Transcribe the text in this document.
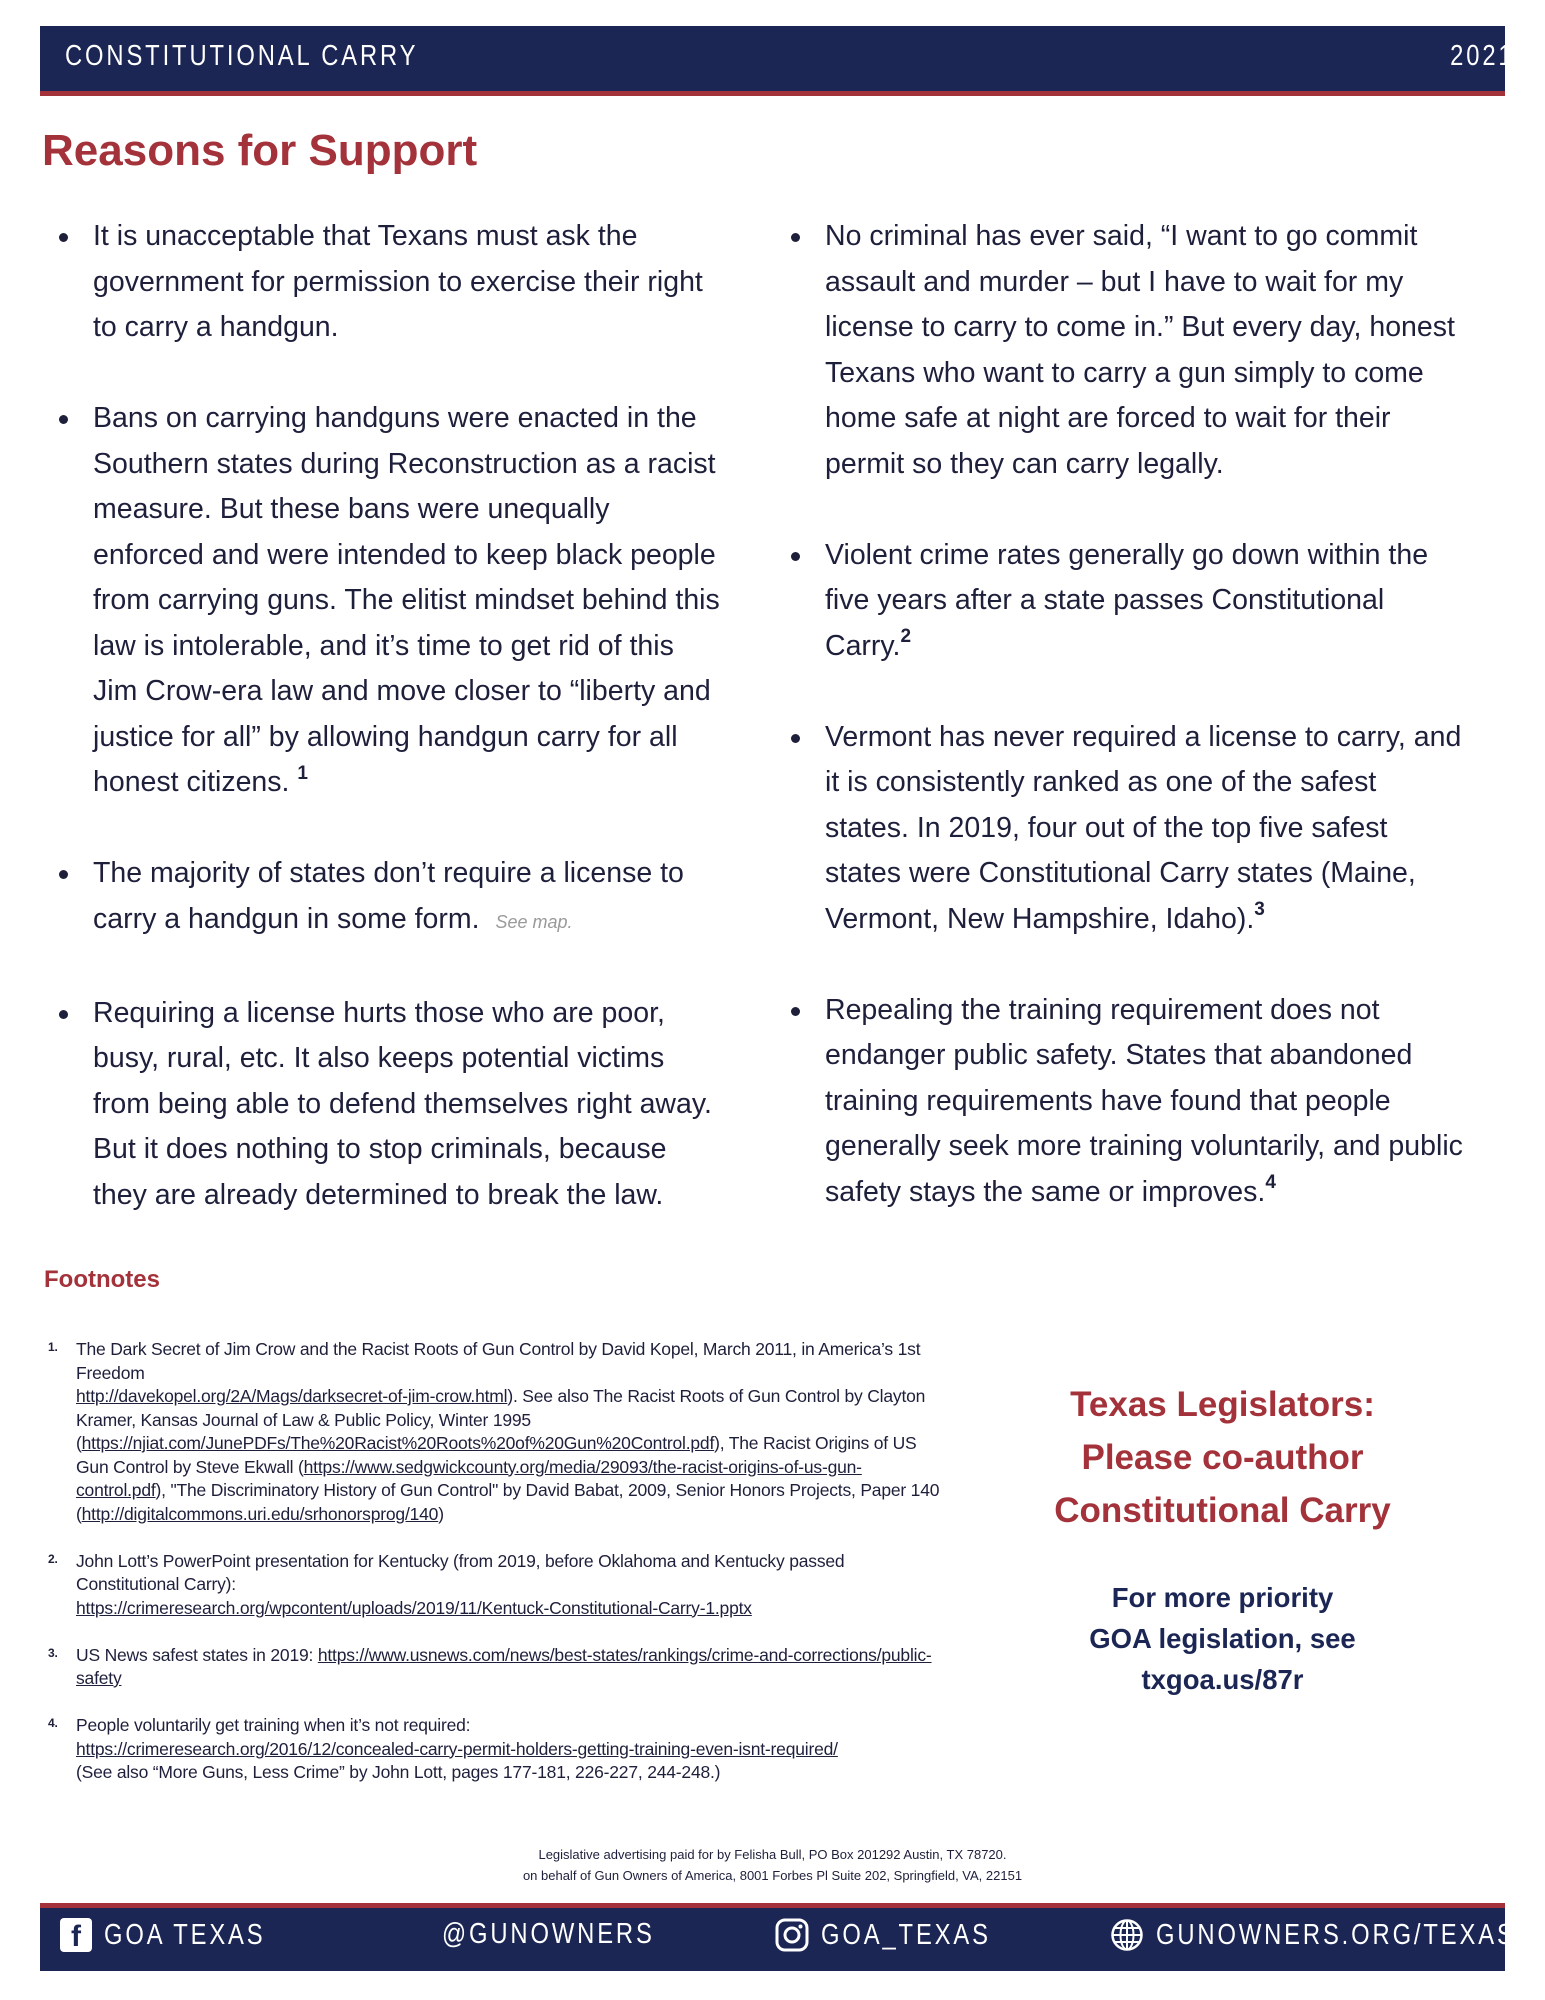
CONSTITUTIONAL CARRY	2021
Reasons for Support
It is unacceptable that Texans must ask the government for permission to exercise their right to carry a handgun.
Bans on carrying handguns were enacted in the Southern states during Reconstruction as a racist measure. But these bans were unequally enforced and were intended to keep black people from carrying guns. The elitist mindset behind this law is intolerable, and it’s time to get rid of this Jim Crow-era law and move closer to “liberty and justice for all” by allowing handgun carry for all honest citizens. $^1$
The majority of states don’t require a license to carry a handgun in some form. See map.
Requiring a license hurts those who are poor, busy, rural, etc. It also keeps potential victims from being able to defend themselves right away. But it does nothing to stop criminals, because they are already determined to break the law.
No criminal has ever said, “I want to go commit assault and murder – but I have to wait for my license to carry to come in.” But every day, honest Texans who want to carry a gun simply to come home safe at night are forced to wait for their permit so they can carry legally.
Violent crime rates generally go down within the five years after a state passes Constitutional Carry.$^2$
Vermont has never required a license to carry, and it is consistently ranked as one of the safest states. In 2019, four out of the top five safest states were Constitutional Carry states (Maine, Vermont, New Hampshire, Idaho).$^3$
Repealing the training requirement does not endanger public safety. States that abandoned training requirements have found that people generally seek more training voluntarily, and public safety stays the same or improves.$^4$
Footnotes
1. The Dark Secret of Jim Crow and the Racist Roots of Gun Control by David Kopel, March 2011, in America’s 1st Freedom
http://davekopel.org/2A/Mags/darksecret-of-jim-crow.html). See also The Racist Roots of Gun Control by Clayton Kramer, Kansas Journal of Law & Public Policy, Winter 1995 (https://njiat.com/JunePDFs/The%20Racist%20Roots%20of%20Gun%20Control.pdf), The Racist Origins of US Gun Control by Steve Ekwall (https://www.sedgwickcounty.org/media/29093/the-racist-origins-of-us-gun-control.pdf), "The Discriminatory History of Gun Control" by David Babat, 2009, Senior Honors Projects, Paper 140 (http://digitalcommons.uri.edu/srhonorsprog/140)
2. John Lott’s PowerPoint presentation for Kentucky (from 2019, before Oklahoma and Kentucky passed Constitutional Carry):
https://crimeresearch.org/wpcontent/uploads/2019/11/Kentuck-Constitutional-Carry-1.pptx
3. US News safest states in 2019: https://www.usnews.com/news/best-states/rankings/crime-and-corrections/public-safety
4. People voluntarily get training when it’s not required:
https://crimeresearch.org/2016/12/concealed-carry-permit-holders-getting-training-even-isnt-required/
(See also “More Guns, Less Crime” by John Lott, pages 177-181, 226-227, 244-248.)
Texas Legislators:
Please co-author
Constitutional Carry
For more priority
GOA legislation, see
txgoa.us/87r
Legislative advertising paid for by Felisha Bull, PO Box 201292 Austin, TX 78720.
on behalf of Gun Owners of America, 8001 Forbes Pl Suite 202, Springfield, VA, 22151
f GOA TEXAS	@GUNOWNERS	GOA_TEXAS	GUNOWNERS.ORG/TEXAS
